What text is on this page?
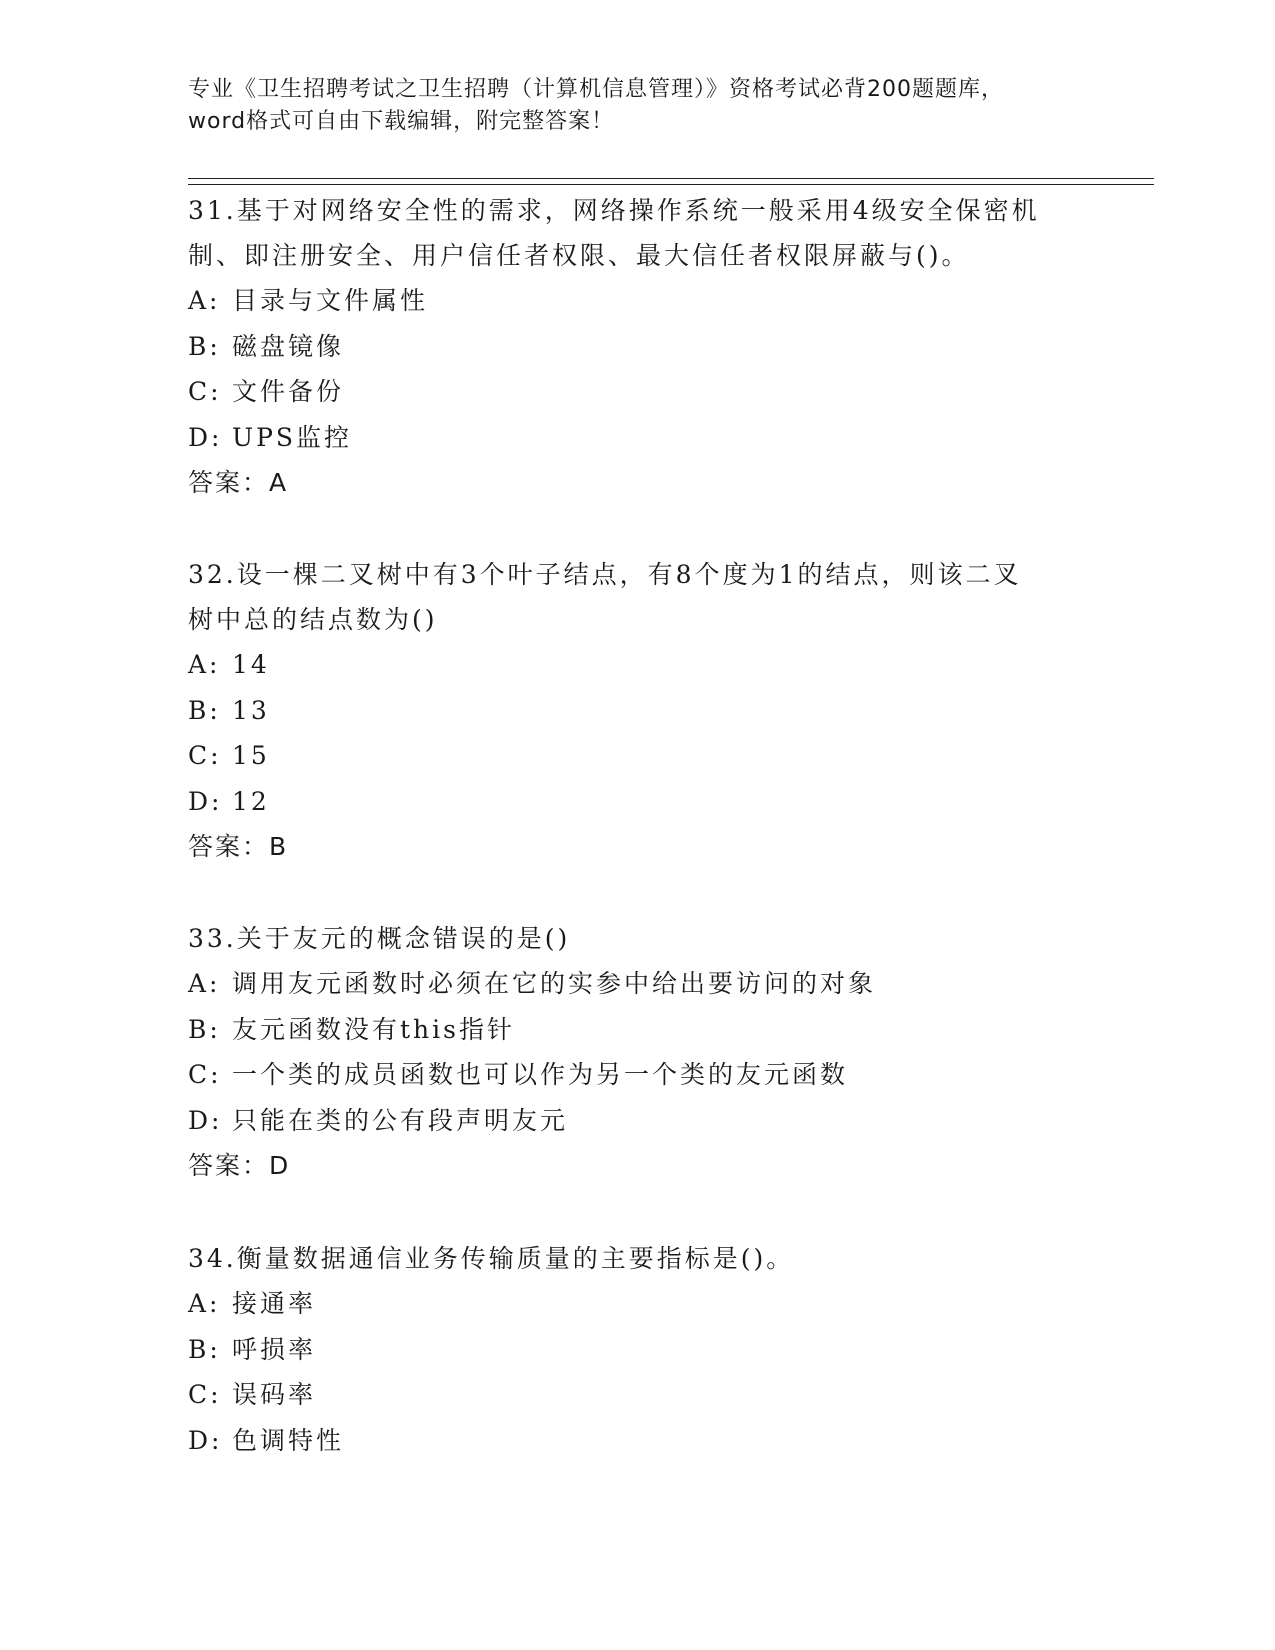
专业《卫生招聘考试之卫生招聘（计算机信息管理）》资格考试必背200题题库，
word格式可自由下载编辑，附完整答案！
31.基于对网络安全性的需求，网络操作系统一般采用4级安全保密机
制、即注册安全、用户信任者权限、最大信任者权限屏蔽与()。
A: 目录与文件属性
B: 磁盘镜像
C: 文件备份
D: UPS监控
答案：A
32.设一棵二叉树中有3个叶子结点，有8个度为1的结点，则该二叉
树中总的结点数为()
A: 14
B: 13
C: 15
D: 12
答案：B
33.关于友元的概念错误的是()
A: 调用友元函数时必须在它的实参中给出要访问的对象
B: 友元函数没有this指针
C: 一个类的成员函数也可以作为另一个类的友元函数
D: 只能在类的公有段声明友元
答案：D
34.衡量数据通信业务传输质量的主要指标是()。
A: 接通率
B: 呼损率
C: 误码率
D: 色调特性
